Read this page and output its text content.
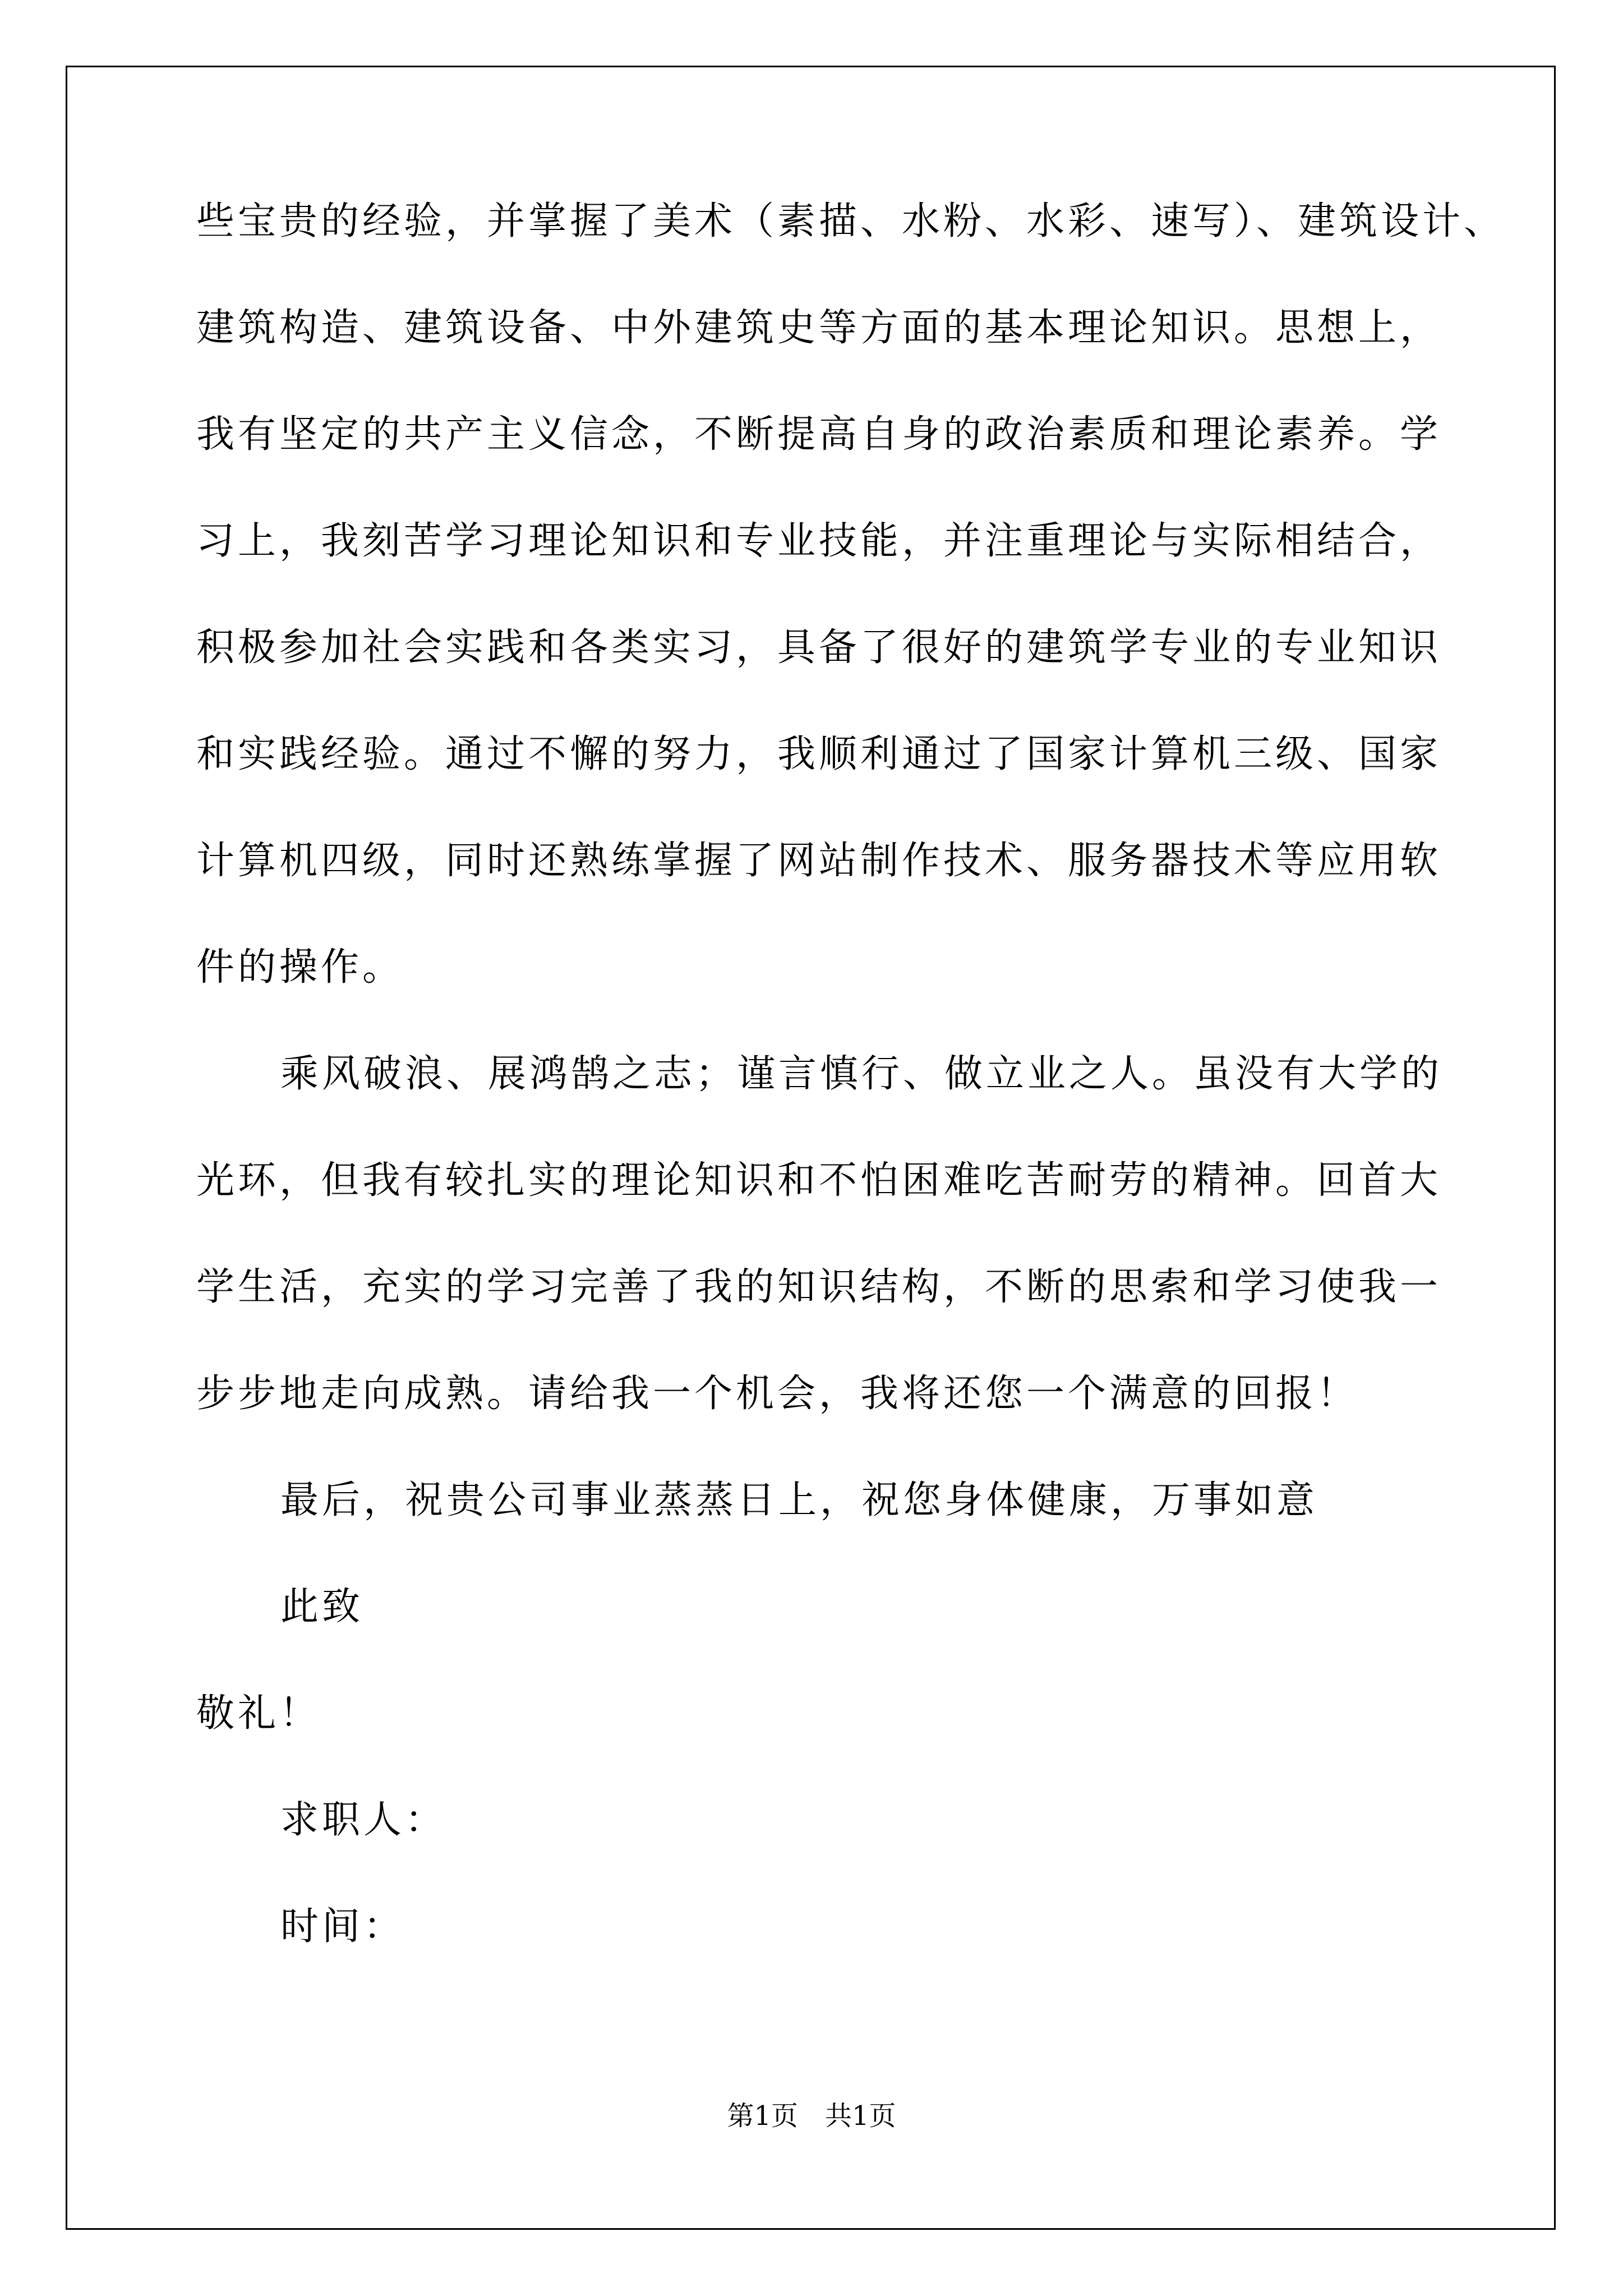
些宝贵的经验，并掌握了美术（素描、水粉、水彩、速写）、建筑设计、
建筑构造、建筑设备、中外建筑史等方面的基本理论知识。思想上，
我有坚定的共产主义信念，不断提高自身的政治素质和理论素养。学
习上，我刻苦学习理论知识和专业技能，并注重理论与实际相结合，
积极参加社会实践和各类实习，具备了很好的建筑学专业的专业知识
和实践经验。通过不懈的努力，我顺利通过了国家计算机三级、国家
计算机四级，同时还熟练掌握了网站制作技术、服务器技术等应用软
件的操作。
乘风破浪、展鸿鹄之志；谨言慎行、做立业之人。虽没有大学的
光环，但我有较扎实的理论知识和不怕困难吃苦耐劳的精神。回首大
学生活，充实的学习完善了我的知识结构，不断的思索和学习使我一
步步地走向成熟。请给我一个机会，我将还您一个满意的回报！
最后，祝贵公司事业蒸蒸日上，祝您身体健康，万事如意
此致
敬礼！
求职人：
时间：
第1页　共1页
